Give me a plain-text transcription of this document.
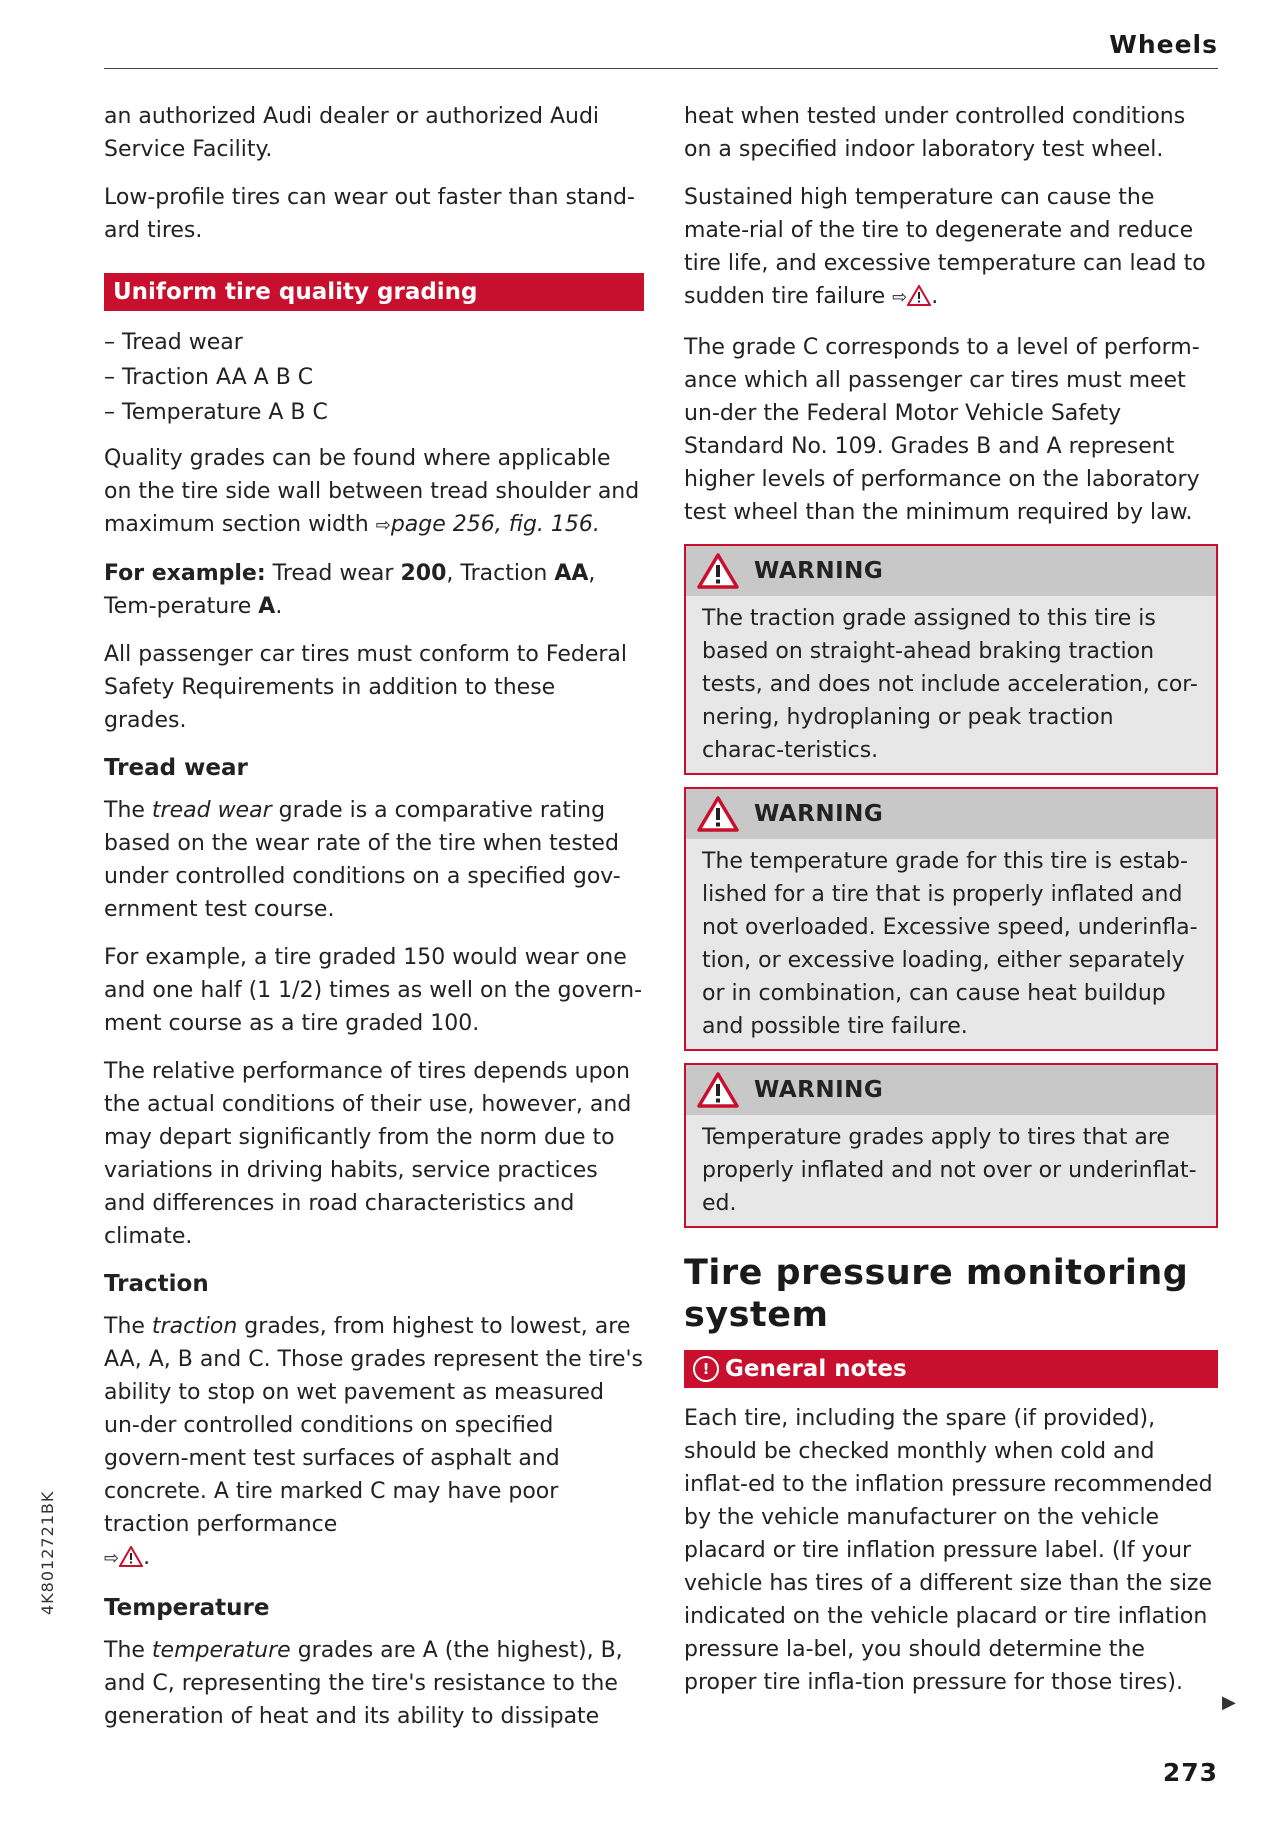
Wheels

an authorized Audi dealer or authorized Audi Service Facility.

Low-profile tires can wear out faster than stand-ard tires.

Uniform tire quality grading
– Tread wear
– Traction AA A B C
– Temperature A B C

Quality grades can be found where applicable on the tire side wall between tread shoulder and maximum section width ⇨page 256, fig. 156.

For example: Tread wear 200, Traction AA, Tem-perature A.

All passenger car tires must conform to Federal Safety Requirements in addition to these grades.

Tread wear

The tread wear grade is a comparative rating based on the wear rate of the tire when tested under controlled conditions on a specified gov-ernment test course.

For example, a tire graded 150 would wear one and one half (1 1/2) times as well on the govern-ment course as a tire graded 100.

The relative performance of tires depends upon the actual conditions of their use, however, and may depart significantly from the norm due to variations in driving habits, service practices and differences in road characteristics and climate.

Traction

The traction grades, from highest to lowest, are AA, A, B and C. Those grades represent the tire's ability to stop on wet pavement as measured un-der controlled conditions on specified govern-ment test surfaces of asphalt and concrete. A tire marked C may have poor traction performance
⇨ .

Temperature

The temperature grades are A (the highest), B, and C, representing the tire's resistance to the generation of heat and its ability to dissipate

heat when tested under controlled conditions on a specified indoor laboratory test wheel.

Sustained high temperature can cause the mate-rial of the tire to degenerate and reduce tire life, and excessive temperature can lead to sudden tire failure ⇨ .

The grade C corresponds to a level of perform-ance which all passenger car tires must meet un-der the Federal Motor Vehicle Safety Standard No. 109. Grades B and A represent higher levels of performance on the laboratory test wheel than the minimum required by law.

WARNING
The traction grade assigned to this tire is based on straight-ahead braking traction tests, and does not include acceleration, cor-nering, hydroplaning or peak traction charac-teristics.
WARNING
The temperature grade for this tire is estab-lished for a tire that is properly inflated and not overloaded. Excessive speed, underinfla-tion, or excessive loading, either separately or in combination, can cause heat buildup and possible tire failure.
WARNING
Temperature grades apply to tires that are properly inflated and not over or underinflat-ed.
Tire pressure monitoring system
! General notes

Each tire, including the spare (if provided), should be checked monthly when cold and inflat-ed to the inflation pressure recommended by the vehicle manufacturer on the vehicle placard or tire inflation pressure label. (If your vehicle has tires of a different size than the size indicated on the vehicle placard or tire inflation pressure la-bel, you should determine the proper tire infla-tion pressure for those tires).

▶
4K8012721BK
273
